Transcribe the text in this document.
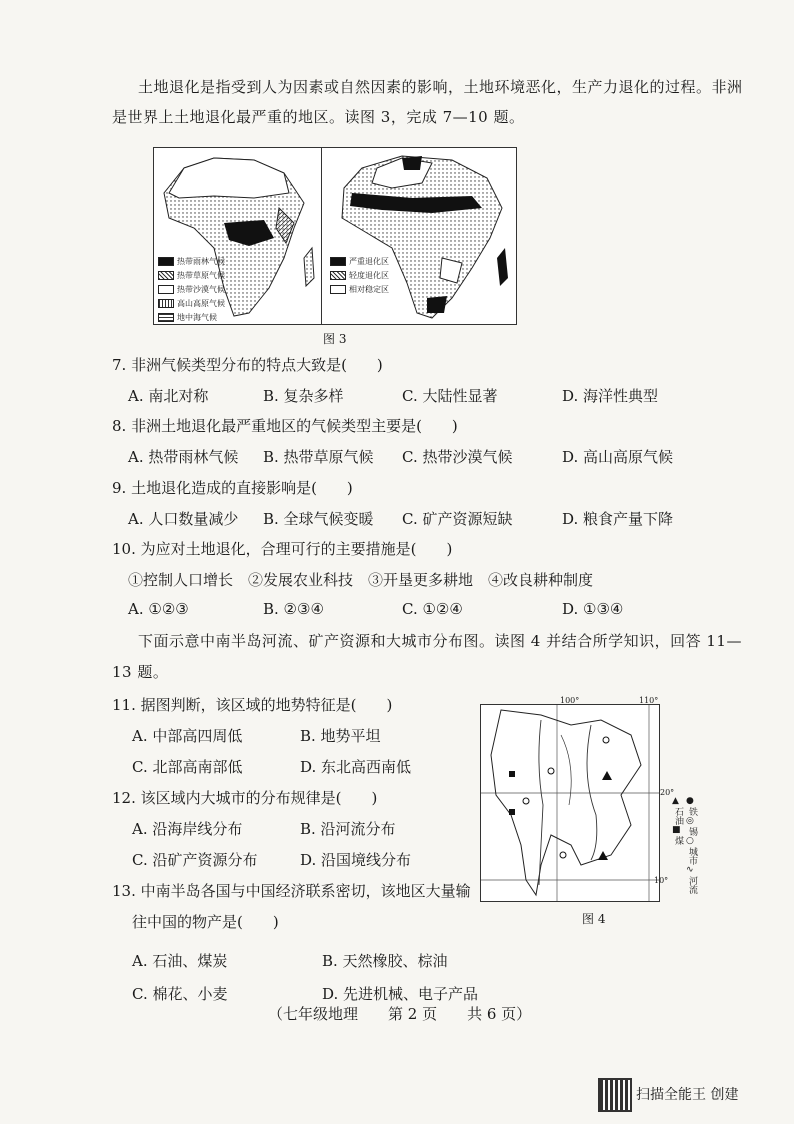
土地退化是指受到人为因素或自然因素的影响，土地环境恶化，生产力退化的过程。非洲
是世界上土地退化最严重的地区。读图 3，完成 7—10 题。
热带雨林气候
热带草原气候
热带沙漠气候
高山高原气候
地中海气候
严重退化区
轻度退化区
相对稳定区
图 3
7. 非洲气候类型分布的特点大致是(　　)
A. 南北对称	B. 复杂多样	C. 大陆性显著	D. 海洋性典型
8. 非洲土地退化最严重地区的气候类型主要是(　　)
A. 热带雨林气候 B. 热带草原气候 C. 热带沙漠气候	D. 高山高原气候
9. 土地退化造成的直接影响是(　　)
A. 人口数量减少 B. 全球气候变暖 C. 矿产资源短缺	D. 粮食产量下降
10. 为应对土地退化，合理可行的主要措施是(　　)
①控制人口增长　②发展农业科技　③开垦更多耕地　④改良耕种制度
A. ①②③	B. ②③④	C. ①②④	D. ①③④
下面示意中南半岛河流、矿产资源和大城市分布图。读图 4 并结合所学知识，回答 11—
13 题。
11. 据图判断，该区域的地势特征是(　　)
A. 中部高四周低	B. 地势平坦
C. 北部高南部低	D. 东北高西南低
12. 该区域内大城市的分布规律是(　　)
A. 沿海岸线分布	B. 沿河流分布
C. 沿矿产资源分布	D. 沿国境线分布
13. 中南半岛各国与中国经济联系密切，该地区大量输
往中国的物产是(　　)
A. 石油、煤炭	B. 天然橡胶、棕油
C. 棉花、小麦	D. 先进机械、电子产品
100°	110°
20°
10°
▲
石油
■
煤
●
铁
◎
锡
○
城市
∿
河流
图 4
（七年级地理　　第 2 页　　共 6 页）
扫描全能王 创建
